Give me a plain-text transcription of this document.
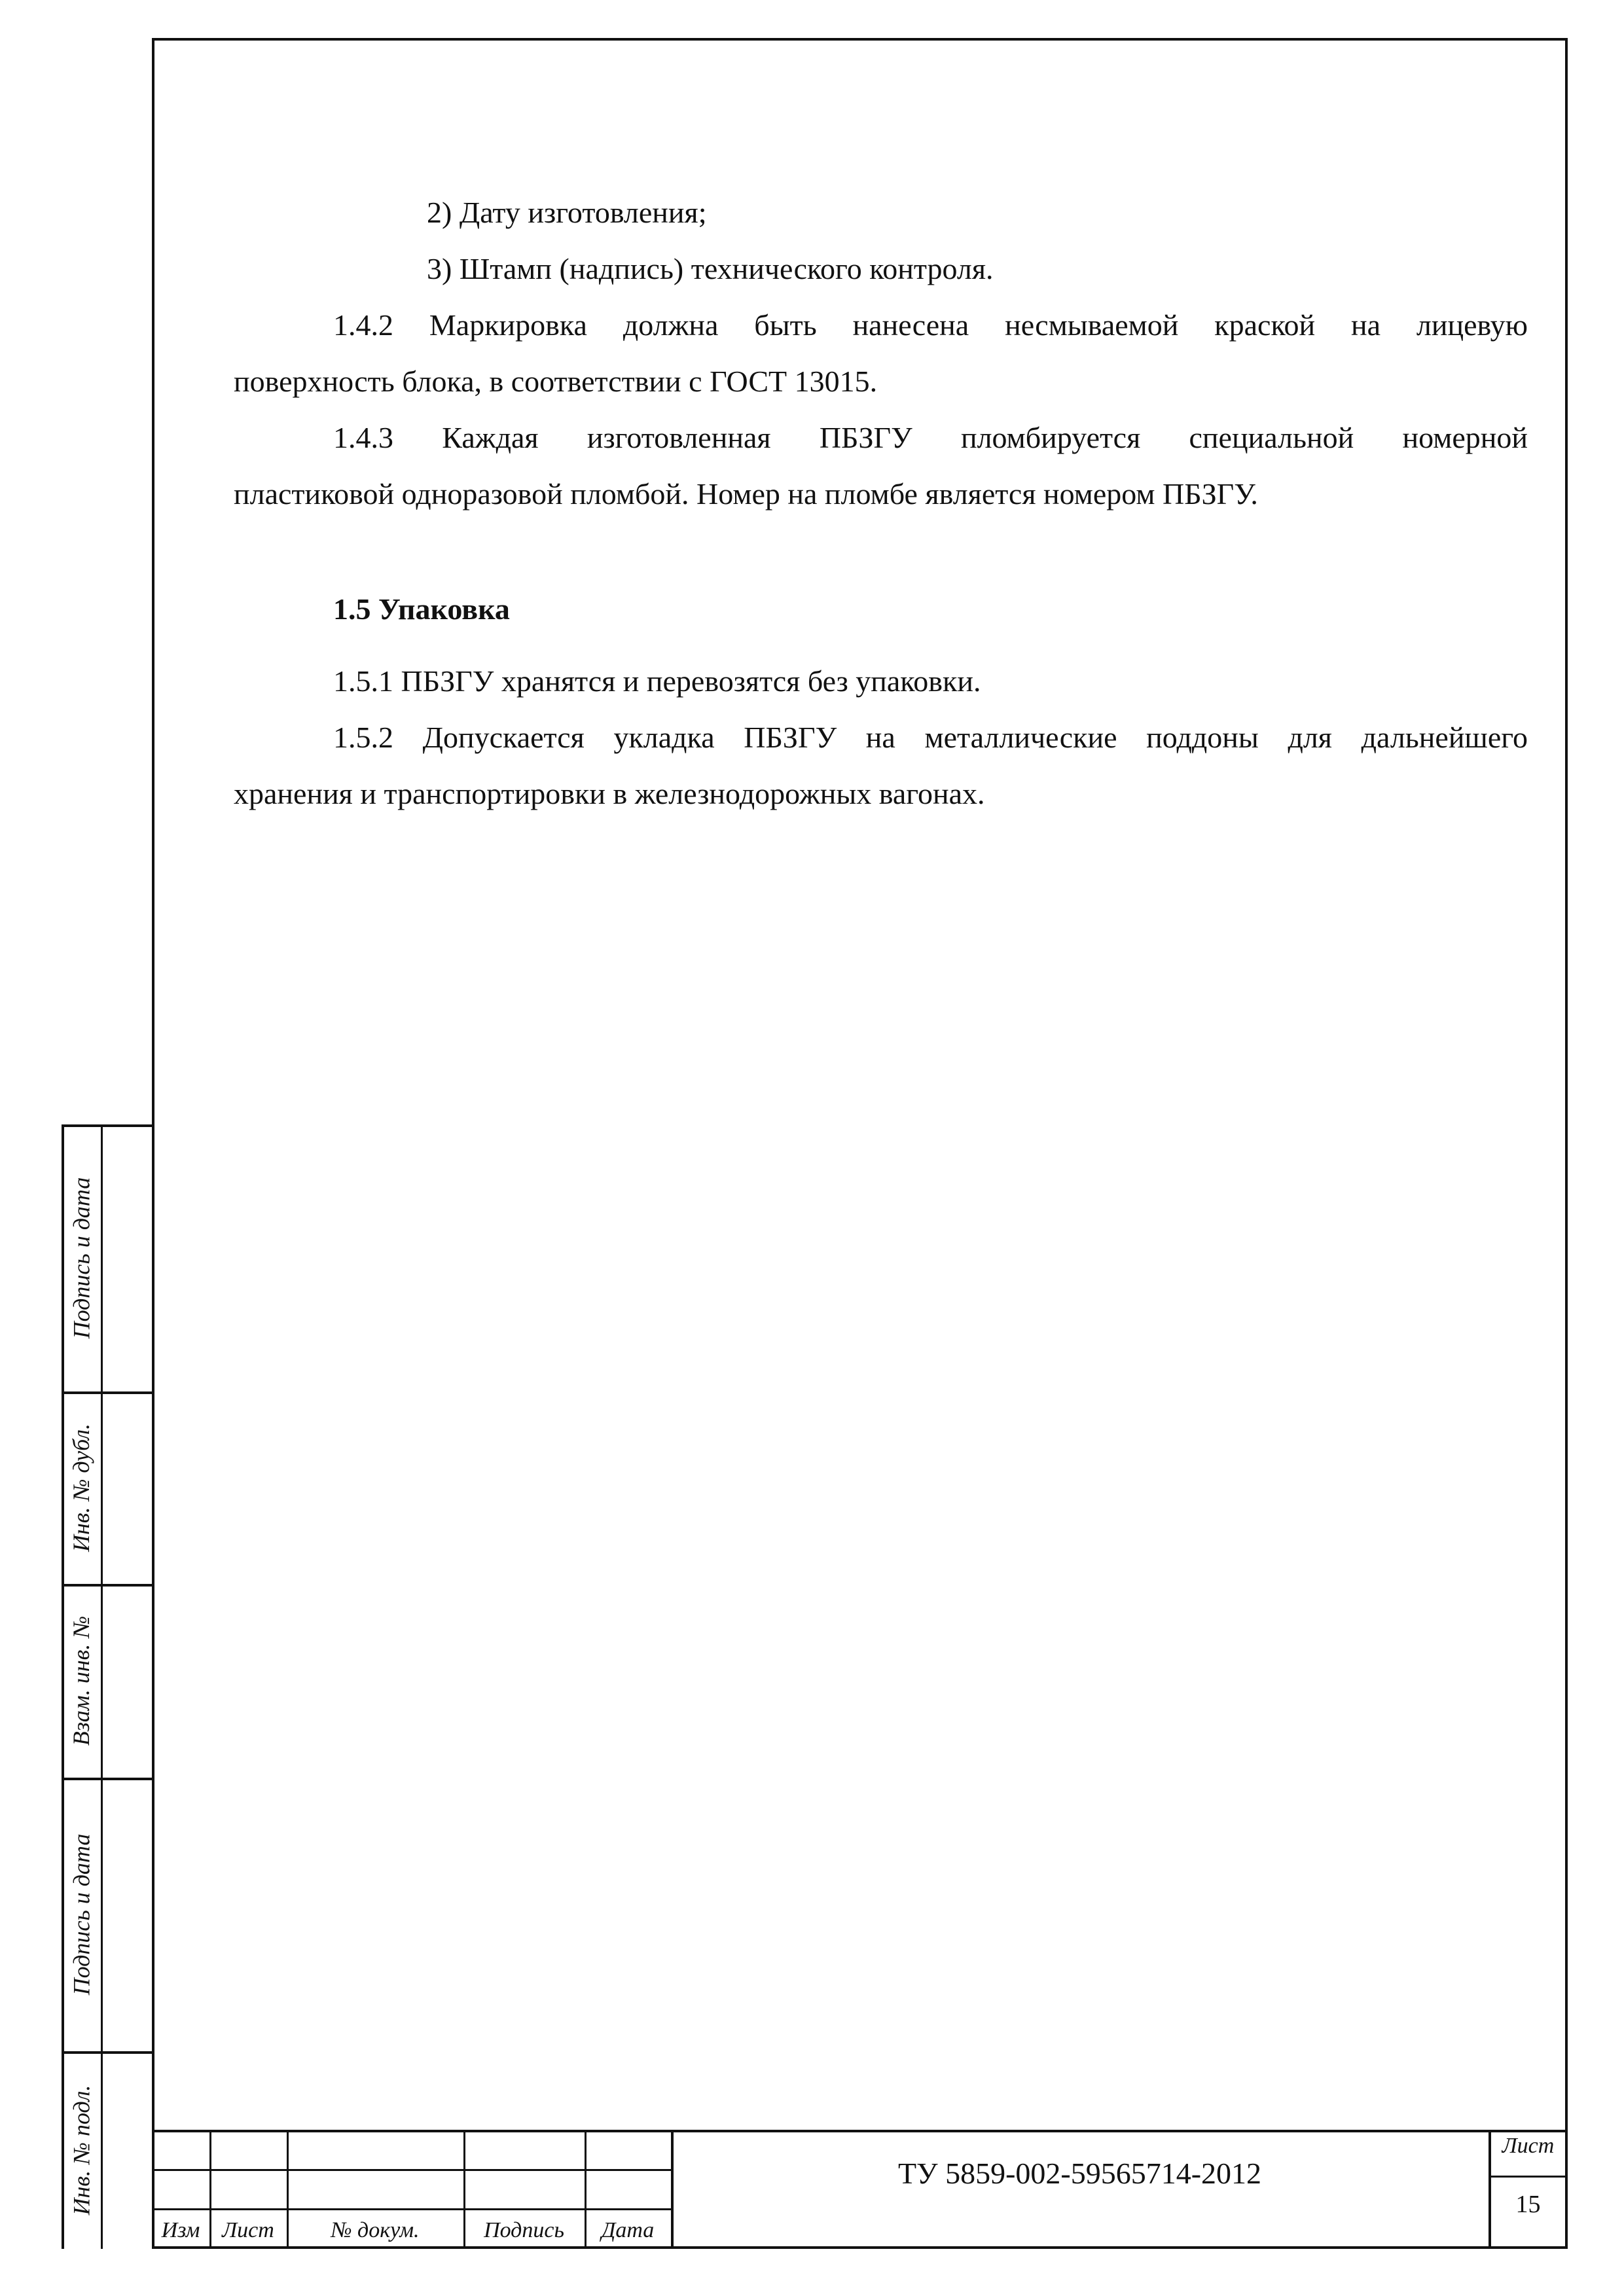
2) Дату изготовления;
3) Штамп (надпись) технического контроля.
1.4.2 Маркировка должна быть нанесена несмываемой краской на лицевую
поверхность блока, в соответствии с ГОСТ 13015.
1.4.3 Каждая изготовленная ПБЗГУ пломбируется специальной номерной
пластиковой одноразовой пломбой. Номер на пломбе является номером ПБЗГУ.
1.5 Упаковка
1.5.1 ПБЗГУ хранятся и перевозятся без упаковки.
1.5.2 Допускается укладка ПБЗГУ на металлические поддоны для дальнейшего
хранения и транспортировки в железнодорожных вагонах.
Подпись и дата
Инв. № дубл.
Взам. инв. №
Подпись и дата
Инв. № подл.
Изм Лист	№ докум.	Подпись	Дата
ТУ 5859-002-59565714-2012
Лист
15
